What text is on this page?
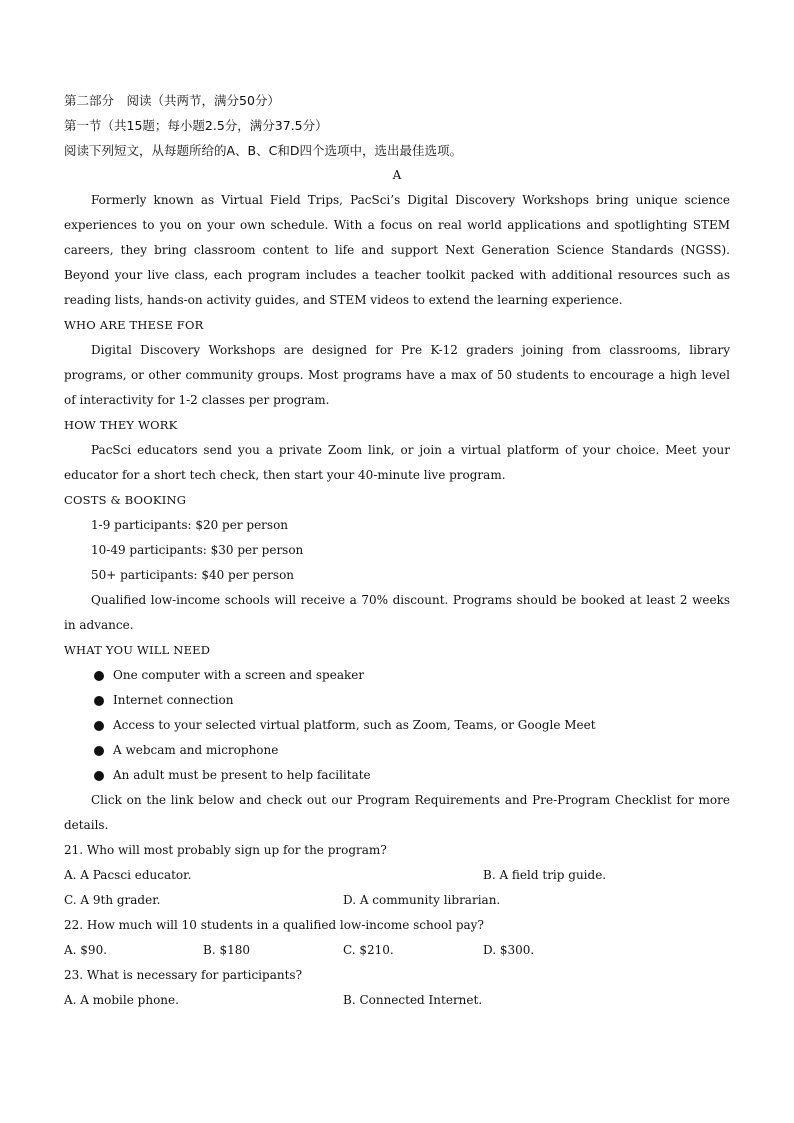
第二部分　阅读（共两节，满分50分）

第一节（共15题；每小题2.5分，满分37.5分）

阅读下列短文，从每题所给的A、B、C和D四个选项中，选出最佳选项。

A

Formerly known as Virtual Field Trips, PacSci’s Digital Discovery Workshops bring unique science experiences to you on your own schedule. With a focus on real world applications and spotlighting STEM careers, they bring classroom content to life and support Next Generation Science Standards (NGSS). Beyond your live class, each program includes a teacher toolkit packed with additional resources such as reading lists, hands-on activity guides, and STEM videos to extend the learning experience.

WHO ARE THESE FOR

Digital Discovery Workshops are designed for Pre K-12 graders joining from classrooms, library programs, or other community groups. Most programs have a max of 50 students to encourage a high level of interactivity for 1-2 classes per program.

HOW THEY WORK

PacSci educators send you a private Zoom link, or join a virtual platform of your choice. Meet your educator for a short tech check, then start your 40-minute live program.

COSTS & BOOKING

1-9 participants: $20 per person

10-49 participants: $30 per person

50+ participants: $40 per person

Qualified low-income schools will receive a 70% discount. Programs should be booked at least 2 weeks in advance.

WHAT YOU WILL NEED

One computer with a screen and speaker
Internet connection
Access to your selected virtual platform, such as Zoom, Teams, or Google Meet
A webcam and microphone
An adult must be present to help facilitate

Click on the link below and check out our Program Requirements and Pre-Program Checklist for more details.

21. Who will most probably sign up for the program?

A. A Pacsci educator.	B. A field trip guide.
C. A 9th grader.	D. A community librarian.

22. How much will 10 students in a qualified low-income school pay?

A. $90.	B. $180	C. $210.	D. $300.

23. What is necessary for participants?

A. A mobile phone.	B. Connected Internet.
